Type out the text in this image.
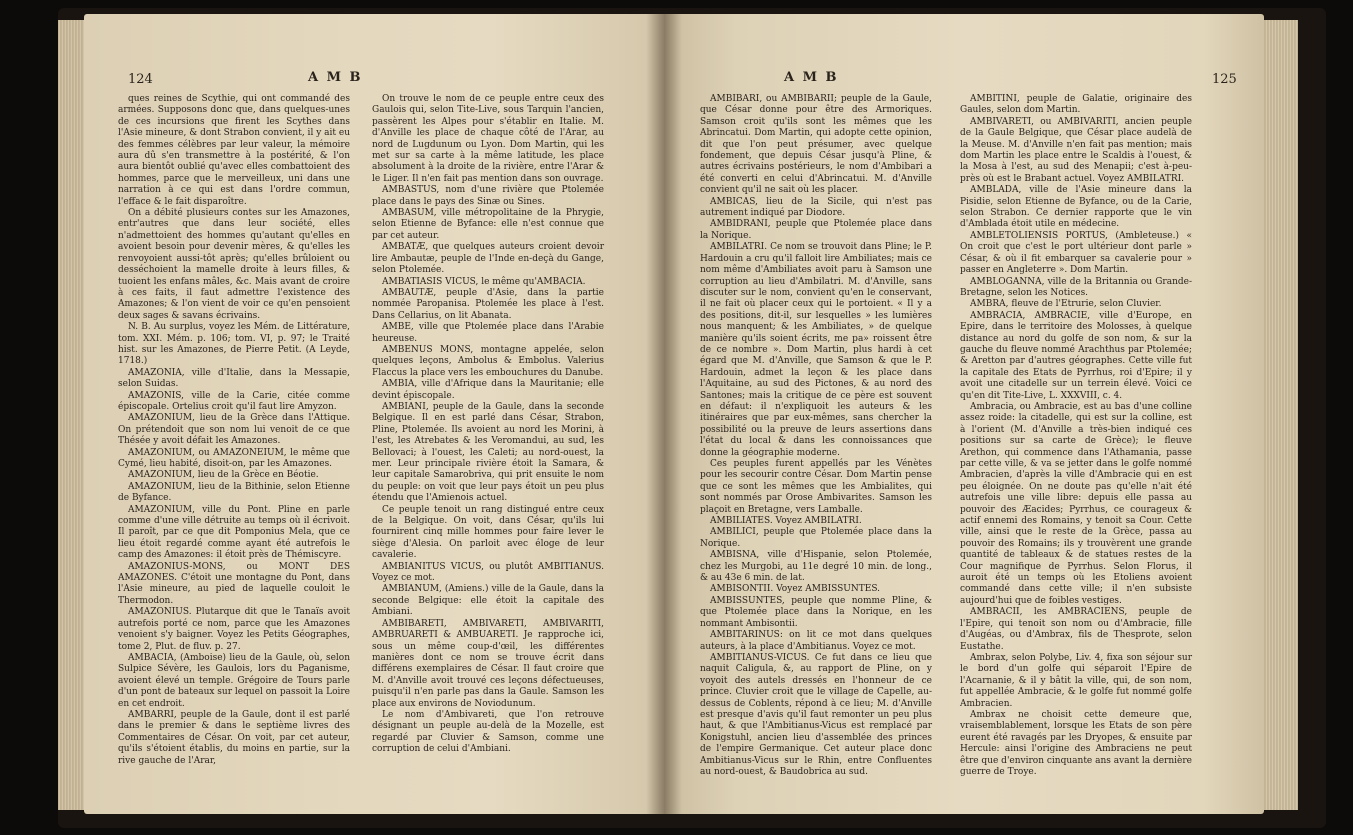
124	A M B

ques reines de Scythie, qui ont commandé des armées. Supposons donc que, dans quelques-unes de ces incursions que firent les Scythes dans l'Asie mineure, & dont Strabon convient, il y ait eu des femmes célèbres par leur valeur, la mémoire aura dû s'en transmettre à la postérité, & l'on aura bientôt oublié qu'avec elles combattoient des hommes, parce que le merveilleux, uni dans une narration à ce qui est dans l'ordre commun, l'efface & le fait disparoître.

On a débité plusieurs contes sur les Amazones, entr'autres que dans leur société, elles n'admettoient des hommes qu'autant qu'elles en avoient besoin pour devenir mères, & qu'elles les renvoyoient aussi-tôt après; qu'elles brûloient ou desséchoient la mamelle droite à leurs filles, & tuoient les enfans mâles, &c. Mais avant de croire à ces faits, il faut admettre l'existence des Amazones; & l'on vient de voir ce qu'en pensoient deux sages & savans écrivains.

N. B. Au surplus, voyez les Mém. de Littérature, tom. XXI. Mém. p. 106; tom. VI, p. 97; le Traité hist. sur les Amazones, de Pierre Petit. (A Leyde, 1718.)

AMAZONIA, ville d'Italie, dans la Messapie, selon Suidas.

AMAZONIS, ville de la Carie, citée comme épiscopale. Ortelius croit qu'il faut lire Amyzon.

AMAZONIUM, lieu de la Grèce dans l'Attique. On prétendoit que son nom lui venoit de ce que Thésée y avoit défait les Amazones.

AMAZONIUM, ou AMAZONEIUM, le même que Cymé, lieu habité, disoit-on, par les Amazones.

AMAZONIUM, lieu de la Grèce en Béotie.

AMAZONIUM, lieu de la Bithinie, selon Etienne de Byfance.

AMAZONIUM, ville du Pont. Pline en parle comme d'une ville détruite au temps où il écrivoit. Il paroît, par ce que dit Pomponius Mela, que ce lieu étoit regardé comme ayant été autrefois le camp des Amazones: il étoit près de Thémiscyre.

AMAZONIUS-MONS, ou MONT DES AMAZONES. C'étoit une montagne du Pont, dans l'Asie mineure, au pied de laquelle couloit le Thermodon.

AMAZONIUS. Plutarque dit que le Tanaïs avoit autrefois porté ce nom, parce que les Amazones venoient s'y baigner. Voyez les Petits Géographes, tome 2, Plut. de fluv. p. 27.

AMBACIA, (Amboise) lieu de la Gaule, où, selon Sulpice Sévère, les Gaulois, lors du Paganisme, avoient élevé un temple. Grégoire de Tours parle d'un pont de bateaux sur lequel on passoit la Loire en cet endroit.

AMBARRI, peuple de la Gaule, dont il est parlé dans le premier & dans le septième livres des Commentaires de César. On voit, par cet auteur, qu'ils s'étoient établis, du moins en partie, sur la rive gauche de l'Arar,

On trouve le nom de ce peuple entre ceux des Gaulois qui, selon Tite-Live, sous Tarquin l'ancien, passèrent les Alpes pour s'établir en Italie. M. d'Anville les place de chaque côté de l'Arar, au nord de Lugdunum ou Lyon. Dom Martin, qui les met sur sa carte à la même latitude, les place absolument à la droite de la rivière, entre l'Arar & le Liger. Il n'en fait pas mention dans son ouvrage.

AMBASTUS, nom d'une rivière que Ptolemée place dans le pays des Sinæ ou Sines.

AMBASUM, ville métropolitaine de la Phrygie, selon Etienne de Byfance: elle n'est connue que par cet auteur.

AMBATÆ, que quelques auteurs croient devoir lire Ambautæ, peuple de l'Inde en-deçà du Gange, selon Ptolemée.

AMBATIASIS VICUS, le même qu'AMBACIA.

AMBAUTÆ, peuple d'Asie, dans la partie nommée Paropanisa. Ptolemée les place à l'est. Dans Cellarius, on lit Abanata.

AMBE, ville que Ptolemée place dans l'Arabie heureuse.

AMBENUS MONS, montagne appelée, selon quelques leçons, Ambolus & Embolus. Valerius Flaccus la place vers les embouchures du Danube.

AMBIA, ville d'Afrique dans la Mauritanie; elle devint épiscopale.

AMBIANI, peuple de la Gaule, dans la seconde Belgique. Il en est parlé dans César, Strabon, Pline, Ptolemée. Ils avoient au nord les Morini, à l'est, les Atrebates & les Veromandui, au sud, les Bellovaci; à l'ouest, les Caleti; au nord-ouest, la mer. Leur principale rivière étoit la Samara, & leur capitale Samarobriva, qui prit ensuite le nom du peuple: on voit que leur pays étoit un peu plus étendu que l'Amienois actuel.

Ce peuple tenoit un rang distingué entre ceux de la Belgique. On voit, dans César, qu'ils lui fournirent cinq mille hommes pour faire lever le siège d'Alesia. On parloit avec éloge de leur cavalerie.

AMBIANITUS VICUS, ou plutôt AMBITIANUS. Voyez ce mot.

AMBIANUM, (Amiens.) ville de la Gaule, dans la seconde Belgique: elle étoit la capitale des Ambiani.

AMBIBARETI, AMBIVARETI, AMBIVARITI, AMBRUARETI & AMBUARETI. Je rapproche ici, sous un même coup-d'œil, les différentes manières dont ce nom se trouve écrit dans différens exemplaires de César. Il faut croire que M. d'Anville avoit trouvé ces leçons défectueuses, puisqu'il n'en parle pas dans la Gaule. Samson les place aux environs de Noviodunum.

Le nom d'Ambivareti, que l'on retrouve désignant un peuple au-delà de la Mozelle, est regardé par Cluvier & Samson, comme une corruption de celui d'Ambiani.

A M B	125

AMBIBARI, ou AMBIBARII; peuple de la Gaule, que César donne pour être des Armoriques. Samson croit qu'ils sont les mêmes que les Abrincatui. Dom Martin, qui adopte cette opinion, dit que l'on peut présumer, avec quelque fondement, que depuis César jusqu'à Pline, & autres écrivains postérieurs, le nom d'Ambibari a été converti en celui d'Abrincatui. M. d'Anville convient qu'il ne sait où les placer.

AMBICAS, lieu de la Sicile, qui n'est pas autrement indiqué par Diodore.

AMBIDRANI, peuple que Ptolemée place dans la Norique.

AMBILATRI. Ce nom se trouvoit dans Pline; le P. Hardouin a cru qu'il falloit lire Ambiliates; mais ce nom même d'Ambiliates avoit paru à Samson une corruption au lieu d'Ambilatri. M. d'Anville, sans discuter sur le nom, convient qu'en le conservant, il ne fait où placer ceux qui le portoient. « Il y a des positions, dit-il, sur lesquelles » les lumières nous manquent; & les Ambiliates, » de quelque manière qu'ils soient écrits, me pa» roissent être de ce nombre ». Dom Martin, plus hardi à cet égard que M. d'Anville, que Samson & que le P. Hardouin, admet la leçon & les place dans l'Aquitaine, au sud des Pictones, & au nord des Santones; mais la critique de ce père est souvent en défaut: il n'expliquoit les auteurs & les itinéraires que par eux-mêmes, sans chercher la possibilité ou la preuve de leurs assertions dans l'état du local & dans les connoissances que donne la géographie moderne.

Ces peuples furent appellés par les Vénètes pour les secourir contre César. Dom Martin pense que ce sont les mêmes que les Ambialites, qui sont nommés par Orose Ambivarites. Samson les plaçoit en Bretagne, vers Lamballe.

AMBILIATES. Voyez AMBILATRI.

AMBILICI, peuple que Ptolemée place dans la Norique.

AMBISNA, ville d'Hispanie, selon Ptolemée, chez les Murgobi, au 11e degré 10 min. de long., & au 43e 6 min. de lat.

AMBISONTII. Voyez AMBISSUNTES.

AMBISSUNTES, peuple que nomme Pline, & que Ptolemée place dans la Norique, en les nommant Ambisontii.

AMBITARINUS: on lit ce mot dans quelques auteurs, à la place d'Ambitianus. Voyez ce mot.

AMBITIANUS-VICUS. Ce fut dans ce lieu que naquit Caligula, &, au rapport de Pline, on y voyoit des autels dressés en l'honneur de ce prince. Cluvier croit que le village de Capelle, au-dessus de Coblents, répond à ce lieu; M. d'Anville est presque d'avis qu'il faut remonter un peu plus haut, & que l'Ambitianus-Vicus est remplacé par Konigstuhl, ancien lieu d'assemblée des princes de l'empire Germanique. Cet auteur place donc Ambitianus-Vicus sur le Rhin, entre Confluentes au nord-ouest, & Baudobrica au sud.

AMBITINI, peuple de Galatie, originaire des Gaules, selon dom Martin.

AMBIVARETI, ou AMBIVARITI, ancien peuple de la Gaule Belgique, que César place audelà de la Meuse. M. d'Anville n'en fait pas mention; mais dom Martin les place entre le Scaldis à l'ouest, & la Mosa à l'est, au sud des Menapii; c'est à-peu-près où est le Brabant actuel. Voyez AMBILATRI.

AMBLADA, ville de l'Asie mineure dans la Pisidie, selon Etienne de Byfance, ou de la Carie, selon Strabon. Ce dernier rapporte que le vin d'Amblada étoit utile en médecine.

AMBLETOLIENSIS PORTUS, (Ambleteuse.) « On croit que c'est le port ultérieur dont parle » César, & où il fit embarquer sa cavalerie pour » passer en Angleterre ». Dom Martin.

AMBLOGANNA, ville de la Britannia ou Grande-Bretagne, selon les Notices.

AMBRA, fleuve de l'Etrurie, selon Cluvier.

AMBRACIA, AMBRACIE, ville d'Europe, en Epire, dans le territoire des Molosses, à quelque distance au nord du golfe de son nom, & sur la gauche du fleuve nommé Arachthus par Ptolemée; & Aretton par d'autres géographes. Cette ville fut la capitale des Etats de Pyrrhus, roi d'Epire; il y avoit une citadelle sur un terrein élevé. Voici ce qu'en dit Tite-Live, L. XXXVIII, c. 4.

Ambracia, ou Ambracie, est au bas d'une colline assez roide: la citadelle, qui est sur la colline, est à l'orient (M. d'Anville a très-bien indiqué ces positions sur sa carte de Grèce); le fleuve Arethon, qui commence dans l'Athamania, passe par cette ville, & va se jetter dans le golfe nommé Ambracien, d'après la ville d'Ambracie qui en est peu éloignée. On ne doute pas qu'elle n'ait été autrefois une ville libre: depuis elle passa au pouvoir des Æacides; Pyrrhus, ce courageux & actif ennemi des Romains, y tenoit sa Cour. Cette ville, ainsi que le reste de la Grèce, passa au pouvoir des Romains; ils y trouvèrent une grande quantité de tableaux & de statues restes de la Cour magnifique de Pyrrhus. Selon Florus, il auroit été un temps où les Etoliens avoient commandé dans cette ville; il n'en subsiste aujourd'hui que de foibles vestiges.

AMBRACII, les AMBRACIENS, peuple de l'Epire, qui tenoit son nom ou d'Ambracie, fille d'Augéas, ou d'Ambrax, fils de Thesprote, selon Eustathe.

Ambrax, selon Polybe, Liv. 4, fixa son séjour sur le bord d'un golfe qui séparoit l'Epire de l'Acarnanie, & il y bâtit la ville, qui, de son nom, fut appellée Ambracie, & le golfe fut nommé golfe Ambracien.

Ambrax ne choisit cette demeure que, vraisemblablement, lorsque les Etats de son père eurent été ravagés par les Dryopes, & ensuite par Hercule: ainsi l'origine des Ambraciens ne peut être que d'environ cinquante ans avant la dernière guerre de Troye.
